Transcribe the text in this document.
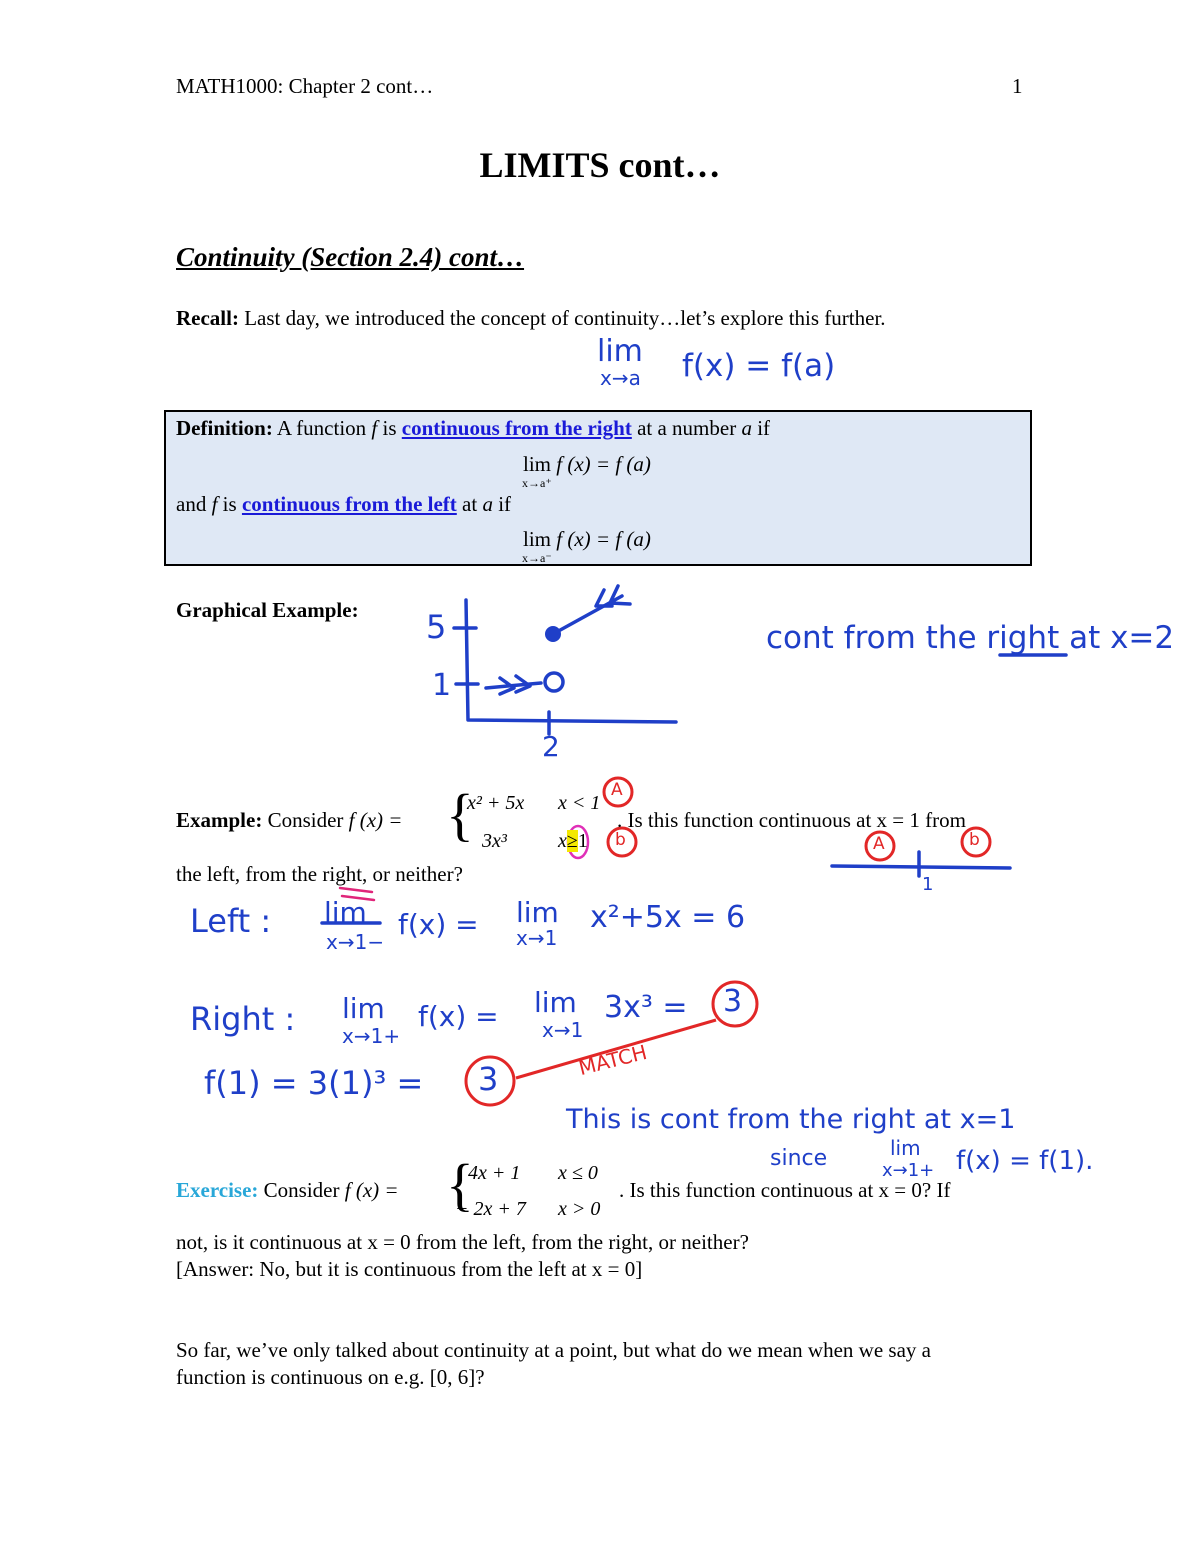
MATH1000: Chapter 2 cont…	1
LIMITS cont…
Continuity (Section 2.4) cont…
Recall: Last day, we introduced the concept of continuity…let’s explore this further.
lim
x→a f(x) = f(a)
Definition: A function f is continuous from the right at a number a if
lim f (x) = f (a)
x→a⁺
and f is continuous from the left at a if
lim f (x) = f (a)
x→a⁻
Graphical Example: 5
1
2
cont from the right at x=2
Example: Consider f (x) = {
x² + 5x x < 1
3x³	x≥1
. Is this function continuous at x = 1 from
the left, from the right, or neither?
A
b	A	b
1
Left : lim
x→1−
f(x) = lim
x→1
x²+5x = 6
Right : lim
x→1+
f(x) = lim
x→1
3x³ = 3
f(1) = 3(1)³ = 3	MATCH
This is cont from the right at x=1
since	lim
x→1+ f(x) = f(1).
Exercise: Consider f (x) = {
4x + 1 x ≤ 0
− 2x + 7 x > 0
. Is this function continuous at x = 0? If
not, is it continuous at x = 0 from the left, from the right, or neither?
[Answer: No, but it is continuous from the left at x = 0]
So far, we’ve only talked about continuity at a point, but what do we mean when we say a
function is continuous on e.g. [0, 6]?
